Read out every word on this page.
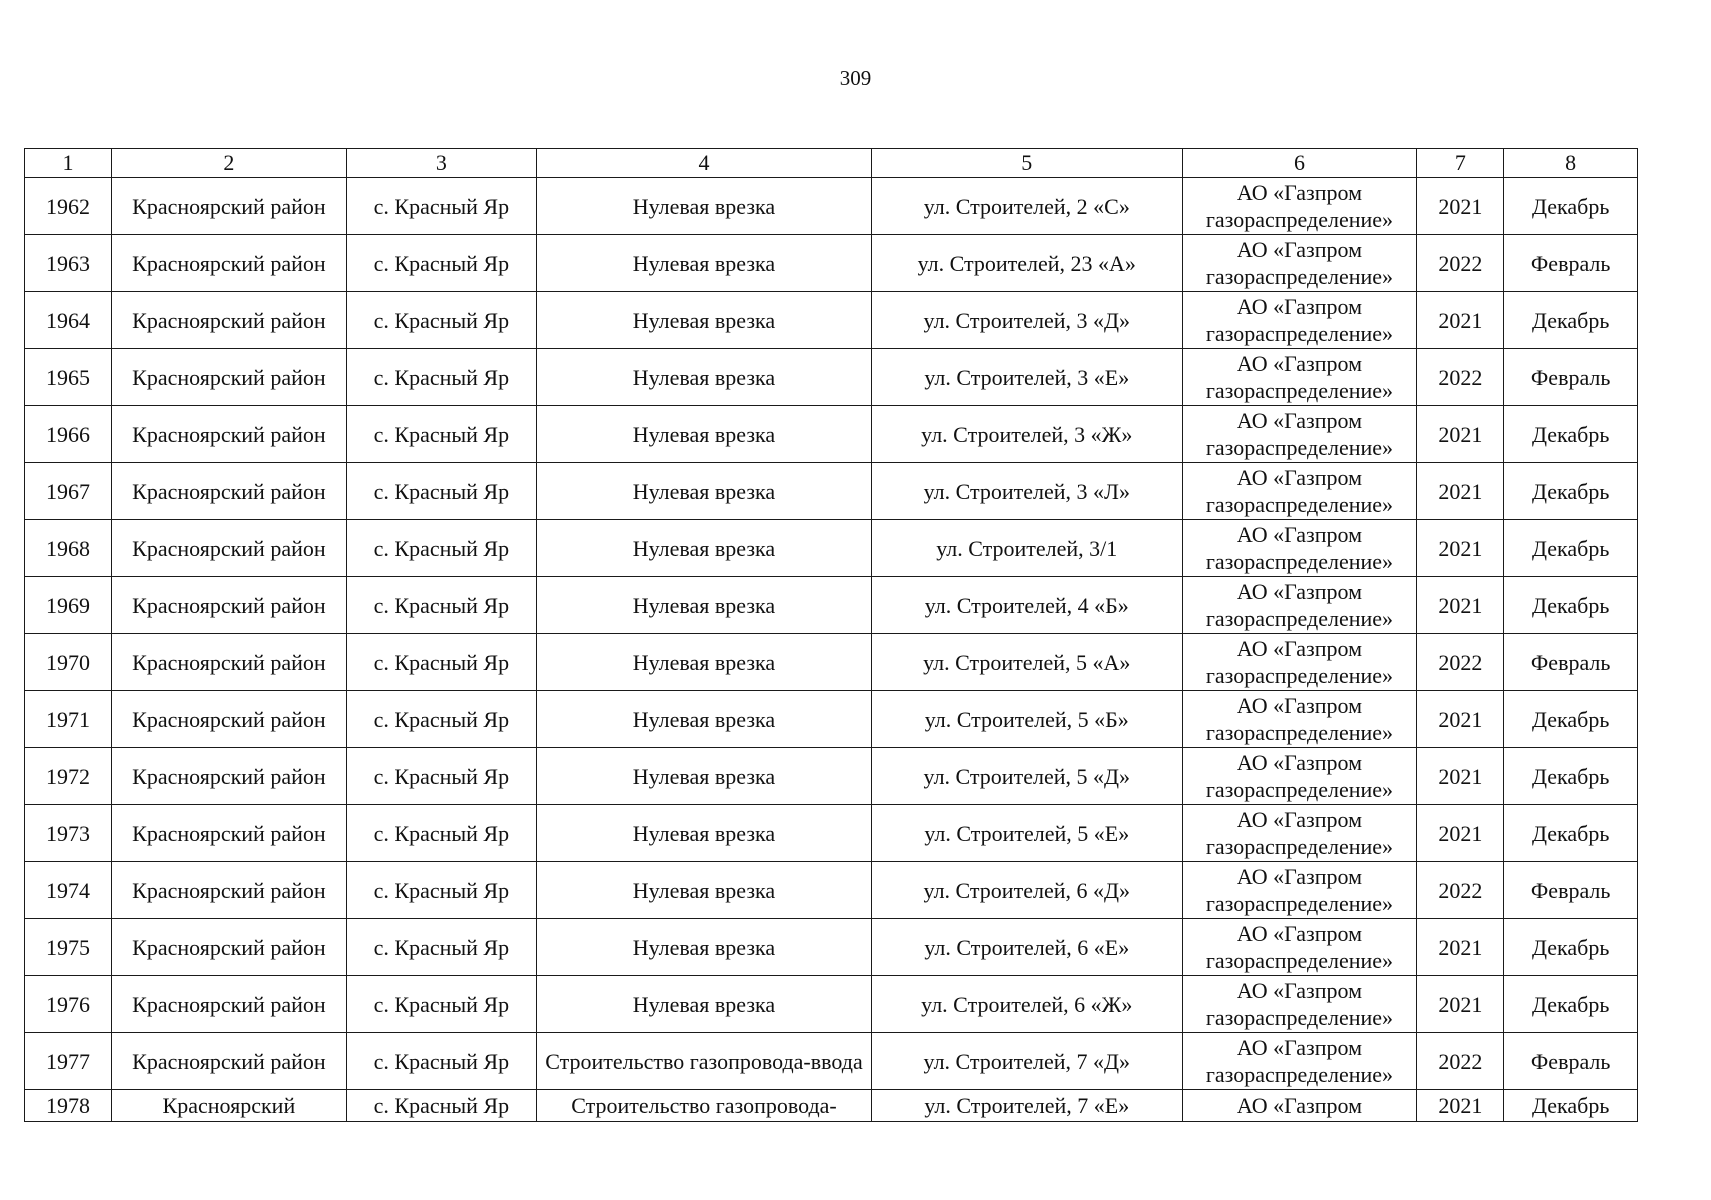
309
1	2	3	4	5	6	7	8

1962	Красноярский район	с. Красный Яр	Нулевая врезка	ул. Строителей, 2 «С»	АО «Газпром газораспределение»	2021	Декабрь

1963	Красноярский район	с. Красный Яр	Нулевая врезка	ул. Строителей, 23 «А»	АО «Газпром газораспределение»	2022	Февраль

1964	Красноярский район	с. Красный Яр	Нулевая врезка	ул. Строителей, 3 «Д»	АО «Газпром газораспределение»	2021	Декабрь

1965	Красноярский район	с. Красный Яр	Нулевая врезка	ул. Строителей, 3 «Е»	АО «Газпром газораспределение»	2022	Февраль

1966	Красноярский район	с. Красный Яр	Нулевая врезка	ул. Строителей, 3 «Ж»	АО «Газпром газораспределение»	2021	Декабрь

1967	Красноярский район	с. Красный Яр	Нулевая врезка	ул. Строителей, 3 «Л»	АО «Газпром газораспределение»	2021	Декабрь

1968	Красноярский район	с. Красный Яр	Нулевая врезка	ул. Строителей, 3/1	АО «Газпром газораспределение»	2021	Декабрь

1969	Красноярский район	с. Красный Яр	Нулевая врезка	ул. Строителей, 4 «Б»	АО «Газпром газораспределение»	2021	Декабрь

1970	Красноярский район	с. Красный Яр	Нулевая врезка	ул. Строителей, 5 «А»	АО «Газпром газораспределение»	2022	Февраль

1971	Красноярский район	с. Красный Яр	Нулевая врезка	ул. Строителей, 5 «Б»	АО «Газпром газораспределение»	2021	Декабрь

1972	Красноярский район	с. Красный Яр	Нулевая врезка	ул. Строителей, 5 «Д»	АО «Газпром газораспределение»	2021	Декабрь

1973	Красноярский район	с. Красный Яр	Нулевая врезка	ул. Строителей, 5 «Е»	АО «Газпром газораспределение»	2021	Декабрь

1974	Красноярский район	с. Красный Яр	Нулевая врезка	ул. Строителей, 6 «Д»	АО «Газпром газораспределение»	2022	Февраль

1975	Красноярский район	с. Красный Яр	Нулевая врезка	ул. Строителей, 6 «Е»	АО «Газпром газораспределение»	2021	Декабрь

1976	Красноярский район	с. Красный Яр	Нулевая врезка	ул. Строителей, 6 «Ж»	АО «Газпром газораспределение»	2021	Декабрь

1977	Красноярский район	с. Красный Яр	Строительство газопровода-ввода	ул. Строителей, 7 «Д»	АО «Газпром газораспределение»	2022	Февраль

1978	Красноярский	с. Красный Яр	Строительство газопровода-	ул. Строителей, 7 «Е»	АО «Газпром	2021	Декабрь
